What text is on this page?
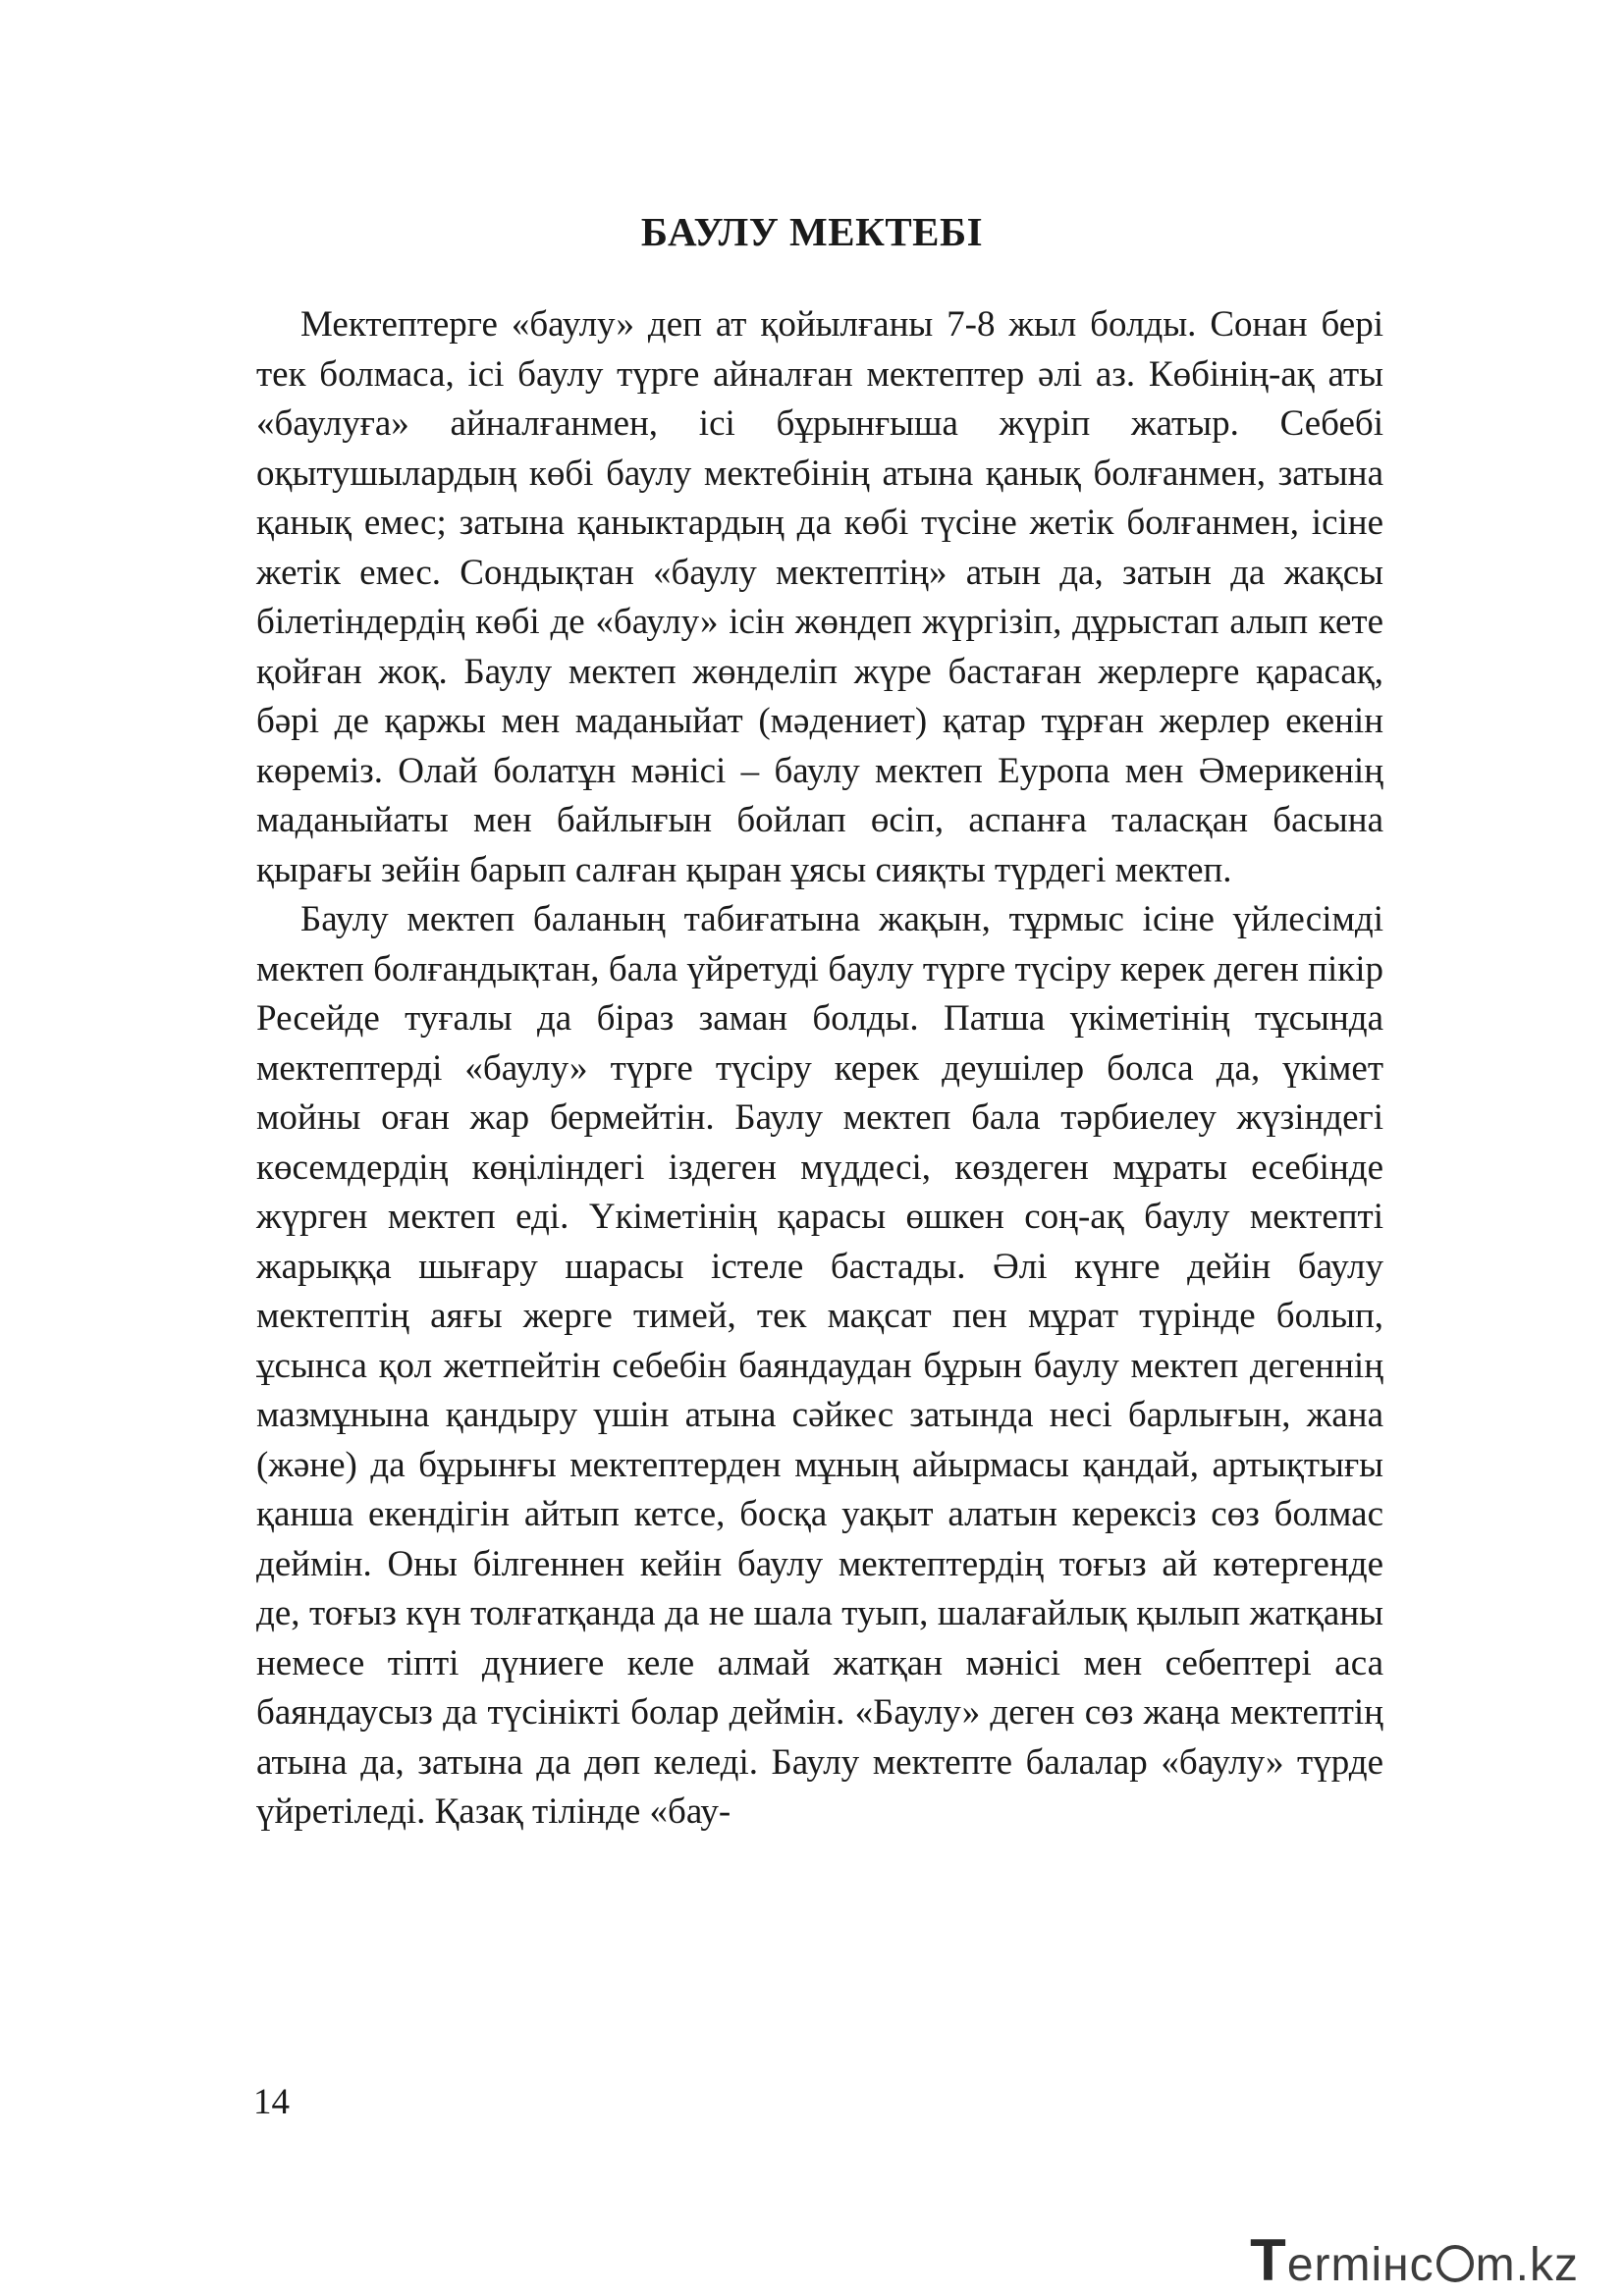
БАУЛУ МЕКТЕБІ

Мектептерге «баулу» деп ат қойылғаны 7-8 жыл болды. Сонан бері тек болмаса, ісі баулу түрге айналған мектептер әлі аз. Көбінің-ақ аты «баулуға» айналғанмен, ісі бұрынғыша жүріп жатыр. Себебі оқытушылардың көбі баулу мектебінің атына қанық болғанмен, затына қанық емес; затына қаныктардың да көбі түсіне жетік болғанмен, ісіне жетік емес. Сондықтан «баулу мектептің» атын да, затын да жақсы білетіндердің көбі де «баулу» ісін жөндеп жүргізіп, дұрыстап алып кете қойған жоқ. Баулу мектеп жөнделіп жүре бастаған жерлерге қарасақ, бәрі де қаржы мен маданыйат (мәдениет) қатар тұрған жерлер екенін көреміз. Олай болатұн мәнісі – баулу мектеп Еуропа мен Әмерикенің маданыйаты мен байлығын бойлап өсіп, аспанға таласқан басына қырағы зейін барып салған қыран ұясы сияқты түрдегі мектеп.

Баулу мектеп баланың табиғатына жақын, тұрмыс ісіне үйлесімді мектеп болғандықтан, бала үйретуді баулу түрге түсіру керек деген пікір Ресейде туғалы да біраз заман болды. Патша үкіметінің тұсында мектептерді «баулу» түрге түсіру керек деушілер болса да, үкімет мойны оған жар бермейтін. Баулу мектеп бала тәрбиелеу жүзіндегі көсемдердің көңіліндегі іздеген мүддесі, көздеген мұраты есебінде жүрген мектеп еді. Үкіметінің қарасы өшкен соң-ақ баулу мектепті жарыққа шығару шарасы істеле бастады. Әлі күнге дейін баулу мектептің аяғы жерге тимей, тек мақсат пен мұрат түрінде болып, ұсынса қол жетпейтін себебін баяндаудан бұрын баулу мектеп дегеннің мазмұнына қандыру үшін атына сәйкес затында несі барлығын, жана (және) да бұрынғы мектептерден мұның айырмасы қандай, артықтығы қанша екендігін айтып кетсе, босқа уақыт алатын керексіз сөз болмас деймін. Оны білгеннен кейін баулу мектептердің тоғыз ай көтергенде де, тоғыз күн толғатқанда да не шала туып, шалағайлық қылып жатқаны немесе тіпті дүниеге келе алмай жатқан мәнісі мен себептері аса баяндаусыз да түсінікті болар деймін. «Баулу» деген сөз жаңа мектептің атына да, затына да дөп келеді. Баулу мектепте балалар «баулу» түрде үйретіледі. Қазақ тілінде «бау-

14
Termінc m.kz
